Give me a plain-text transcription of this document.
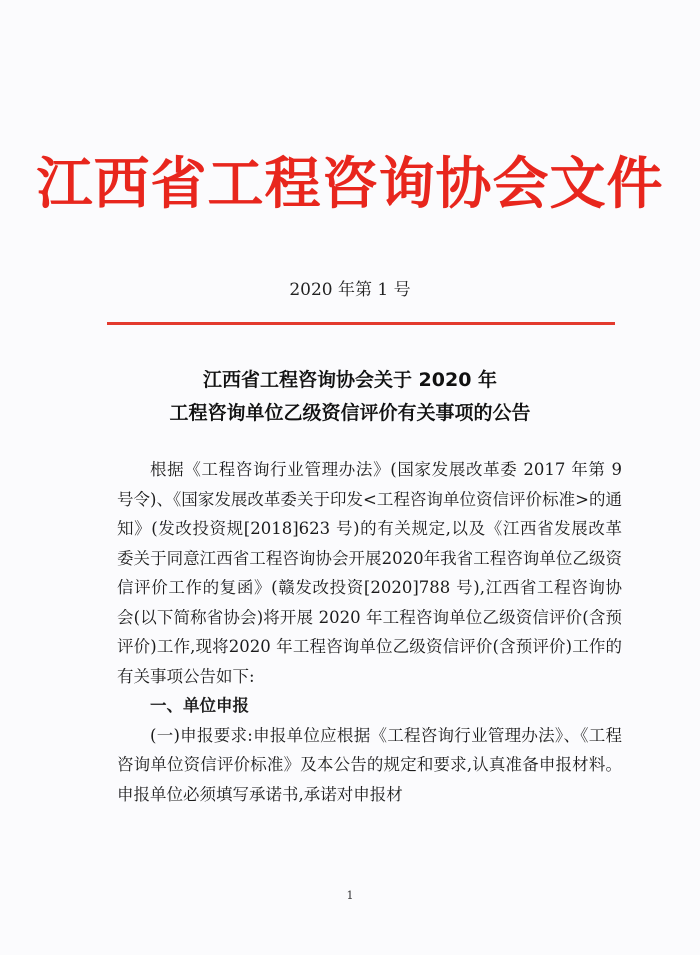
江西省工程咨询协会文件
2020 年第 1 号
江西省工程咨询协会关于 2020 年
工程咨询单位乙级资信评价有关事项的公告

根据《工程咨询行业管理办法》(国家发展改革委 2017 年第 9 号令)、《国家发展改革委关于印发<工程咨询单位资信评价标准>的通知》(发改投资规[2018]623 号)的有关规定,以及《江西省发展改革委关于同意江西省工程咨询协会开展2020年我省工程咨询单位乙级资信评价工作的复函》(赣发改投资[2020]788 号),江西省工程咨询协会(以下简称省协会)将开展 2020 年工程咨询单位乙级资信评价(含预评价)工作,现将2020 年工程咨询单位乙级资信评价(含预评价)工作的有关事项公告如下:

一、单位申报

(一)申报要求:申报单位应根据《工程咨询行业管理办法》、《工程咨询单位资信评价标准》及本公告的规定和要求,认真准备申报材料。申报单位必须填写承诺书,承诺对申报材

1
